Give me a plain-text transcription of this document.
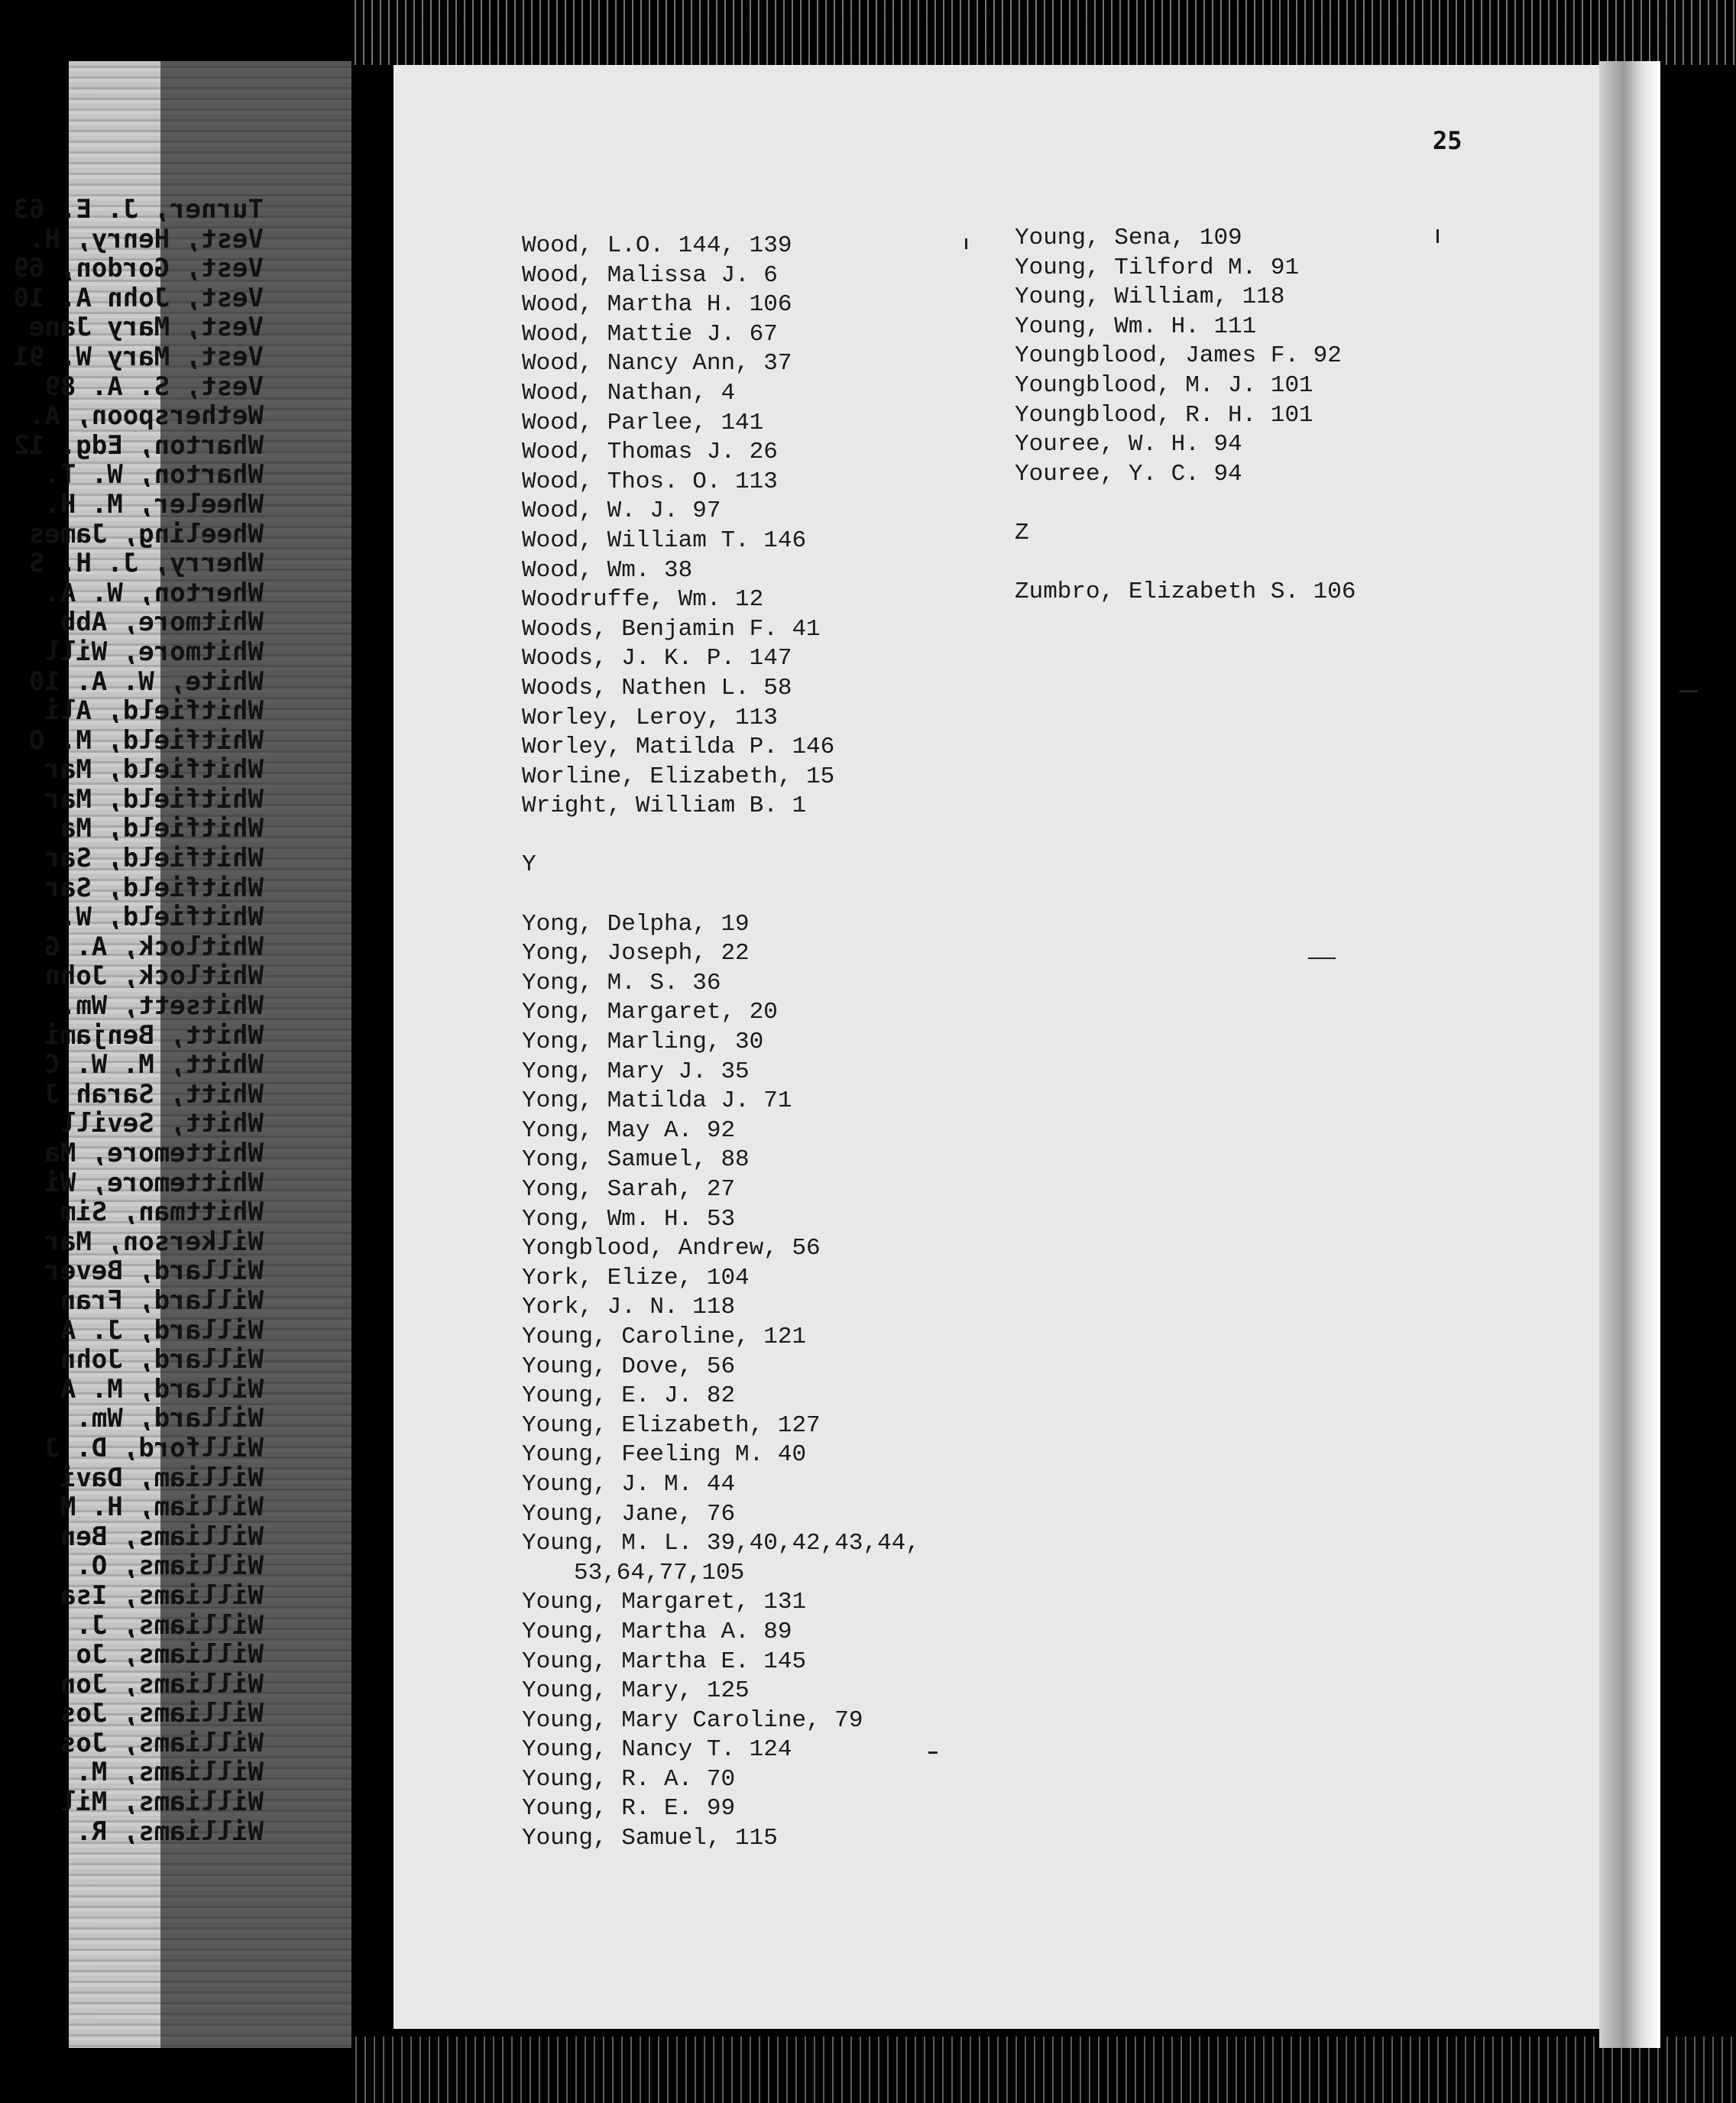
Turner, J. E. 63
Vest, Henry, H.
Vest, Gordon, 69
Vest, John A. 10
Vest, Mary Jane
Vest, Mary W. 91
Vest, S. A. 89
Wetherspoon, A.
Wharton, Edg. 12
Wharton, W. T.
Wheeler, M. H.
Wheeling, James
Wherry, J. H. S
Wherton, W. A.
Whitmore, Abb
Whitmore, Will
White, W. A. 10
Whitfield, Ali
Whitfield, M. O
Whitfield, Mar
Whitfield, Mar
Whitfield, Ma
Whitfield, Sar
Whitfield, Sar
Whitfield, W.
Whitlock, A. G
Whitlock, John
Whitsett, Wm.
Whitt, Benjami
Whitt, M. W. C
Whitt, Sarah J
Whitt, Sevill
Whittemore, Ma
Whittemore, Wi
Whittman, Sim
Wilkerson, Mar
Willard, Bever
Willard, Fran
Willard, J. A
Willard, John
Willard, M. A
Willard, Wm.
Willford, D. J
William, Davi
William, H. M
Williams, Ben
Williams, O.
Williams, Isa
Williams, J.
Williams, Jo
Williams, Jon
Williams, Jos
Williams, Jos
Williams, M.
Williams, Mil
Williams, R.
25
Wood, L.O. 144, 139
Wood, Malissa J. 6
Wood, Martha H. 106
Wood, Mattie J. 67
Wood, Nancy Ann, 37
Wood, Nathan, 4
Wood, Parlee, 141
Wood, Thomas J. 26
Wood, Thos. O. 113
Wood, W. J. 97
Wood, William T. 146
Wood, Wm. 38
Woodruffe, Wm. 12
Woods, Benjamin F. 41
Woods, J. K. P. 147
Woods, Nathen L. 58
Worley, Leroy, 113
Worley, Matilda P. 146
Worline, Elizabeth, 15
Wright, William B. 1
Y
Yong, Delpha, 19
Yong, Joseph, 22
Yong, M. S. 36
Yong, Margaret, 20
Yong, Marling, 30
Yong, Mary J. 35
Yong, Matilda J. 71
Yong, May A. 92
Yong, Samuel, 88
Yong, Sarah, 27
Yong, Wm. H. 53
Yongblood, Andrew, 56
York, Elize, 104
York, J. N. 118
Young, Caroline, 121
Young, Dove, 56
Young, E. J. 82
Young, Elizabeth, 127
Young, Feeling M. 40
Young, J. M. 44
Young, Jane, 76
Young, M. L. 39,40,42,43,44,
53,64,77,105
Young, Margaret, 131
Young, Martha A. 89
Young, Martha E. 145
Young, Mary, 125
Young, Mary Caroline, 79
Young, Nancy T. 124
Young, R. A. 70
Young, R. E. 99
Young, Samuel, 115
Young, Sena, 109
Young, Tilford M. 91
Young, William, 118
Young, Wm. H. 111
Youngblood, James F. 92
Youngblood, M. J. 101
Youngblood, R. H. 101
Youree, W. H. 94
Youree, Y. C. 94
Z
Zumbro, Elizabeth S. 106
